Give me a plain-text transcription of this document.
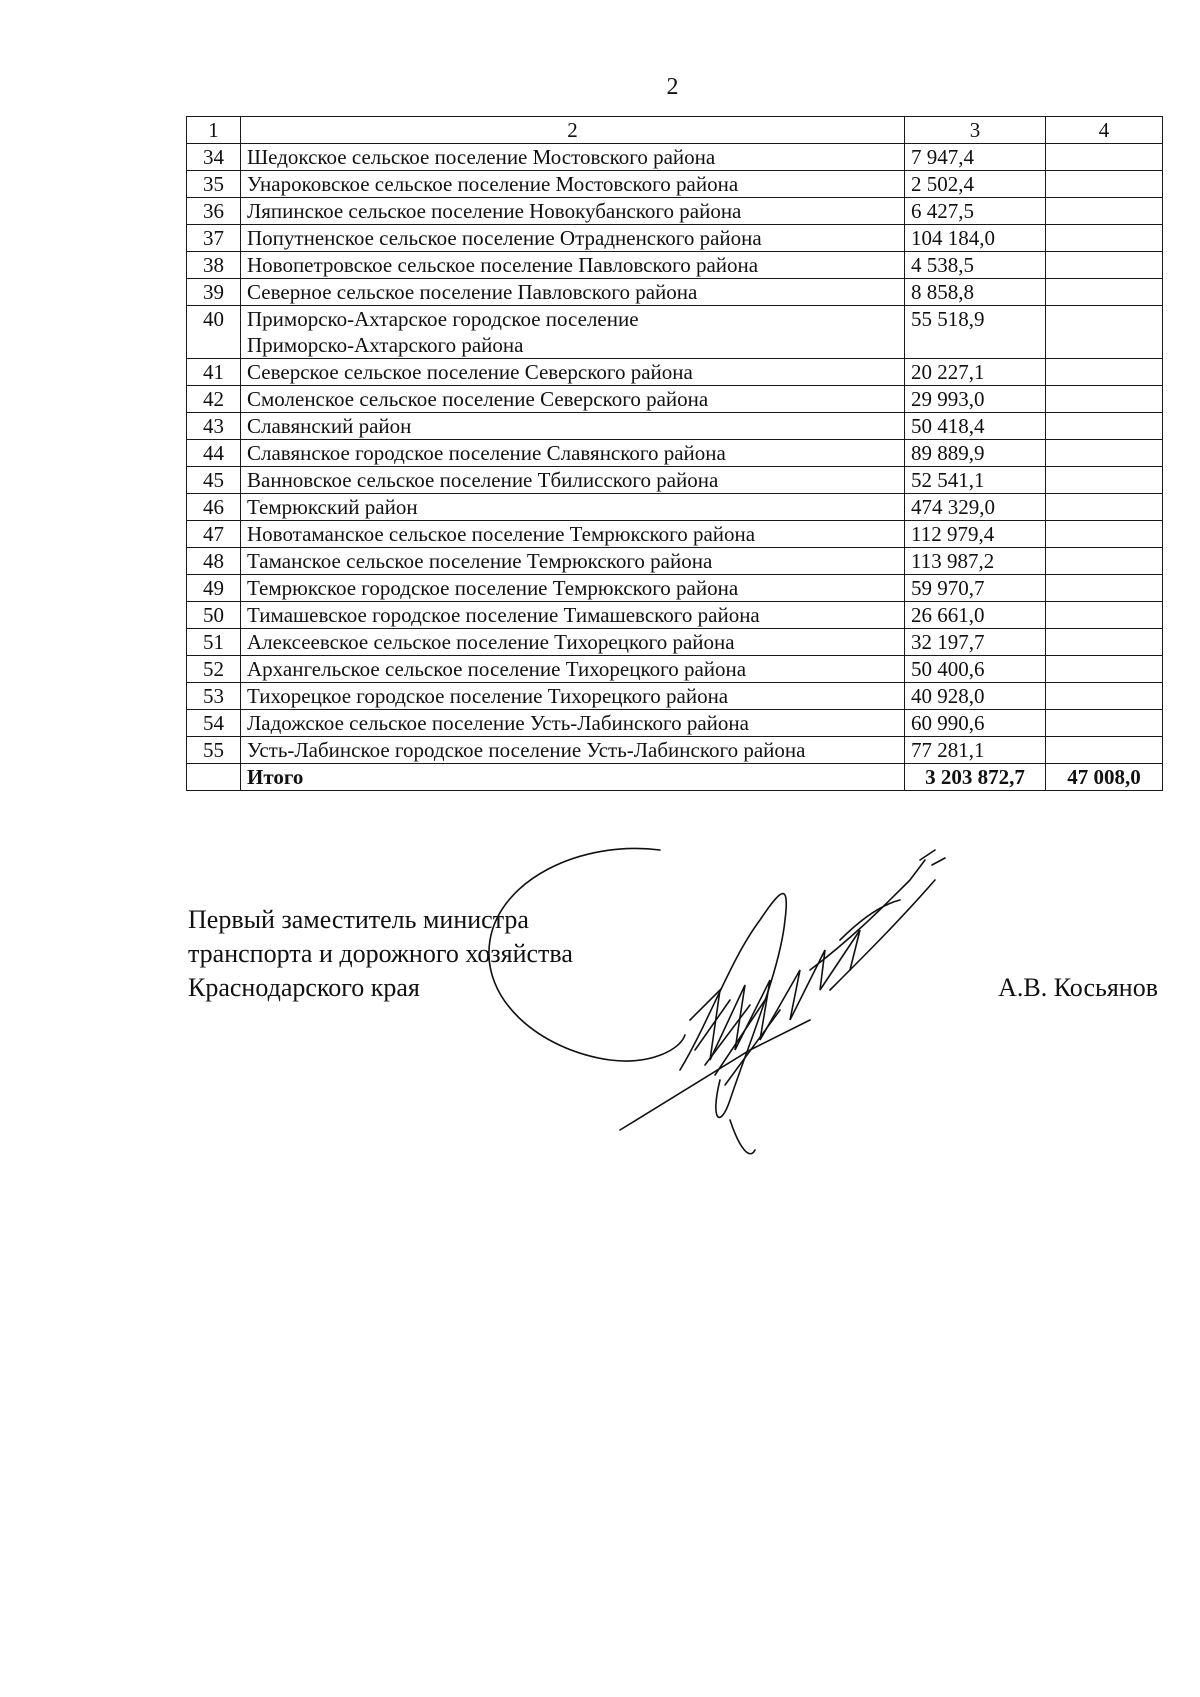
2
1	2	3	4
34	Шедокское сельское поселение Мостовского района	7 947,4	
35	Унароковское сельское поселение Мостовского района	2 502,4	
36	Ляпинское сельское поселение Новокубанского района	6 427,5	
37	Попутненское сельское поселение Отрадненского района	104 184,0	
38	Новопетровское сельское поселение Павловского района	4 538,5	
39	Северное сельское поселение Павловского района	8 858,8	
40	Приморско-Ахтарское городское поселение
Приморско-Ахтарского района	55 518,9	
41	Северское сельское поселение Северского района	20 227,1	
42	Смоленское сельское поселение Северского района	29 993,0	
43	Славянский район	50 418,4	
44	Славянское городское поселение Славянского района	89 889,9	
45	Ванновское сельское поселение Тбилисского района	52 541,1	
46	Темрюкский район	474 329,0	
47	Новотаманское сельское поселение Темрюкского района	112 979,4	
48	Таманское сельское поселение Темрюкского района	113 987,2	
49	Темрюкское городское поселение Темрюкского района	59 970,7	
50	Тимашевское городское поселение Тимашевского района	26 661,0	
51	Алексеевское сельское поселение Тихорецкого района	32 197,7	
52	Архангельское сельское поселение Тихорецкого района	50 400,6	
53	Тихорецкое городское поселение Тихорецкого района	40 928,0	
54	Ладожское сельское поселение Усть-Лабинского района	60 990,6	
55	Усть-Лабинское городское поселение Усть-Лабинского района	77 281,1	
	Итого	3 203 872,7	47 008,0
Первый заместитель министра
транспорта и дорожного хозяйства
Краснодарского края	А.В. Косьянов
